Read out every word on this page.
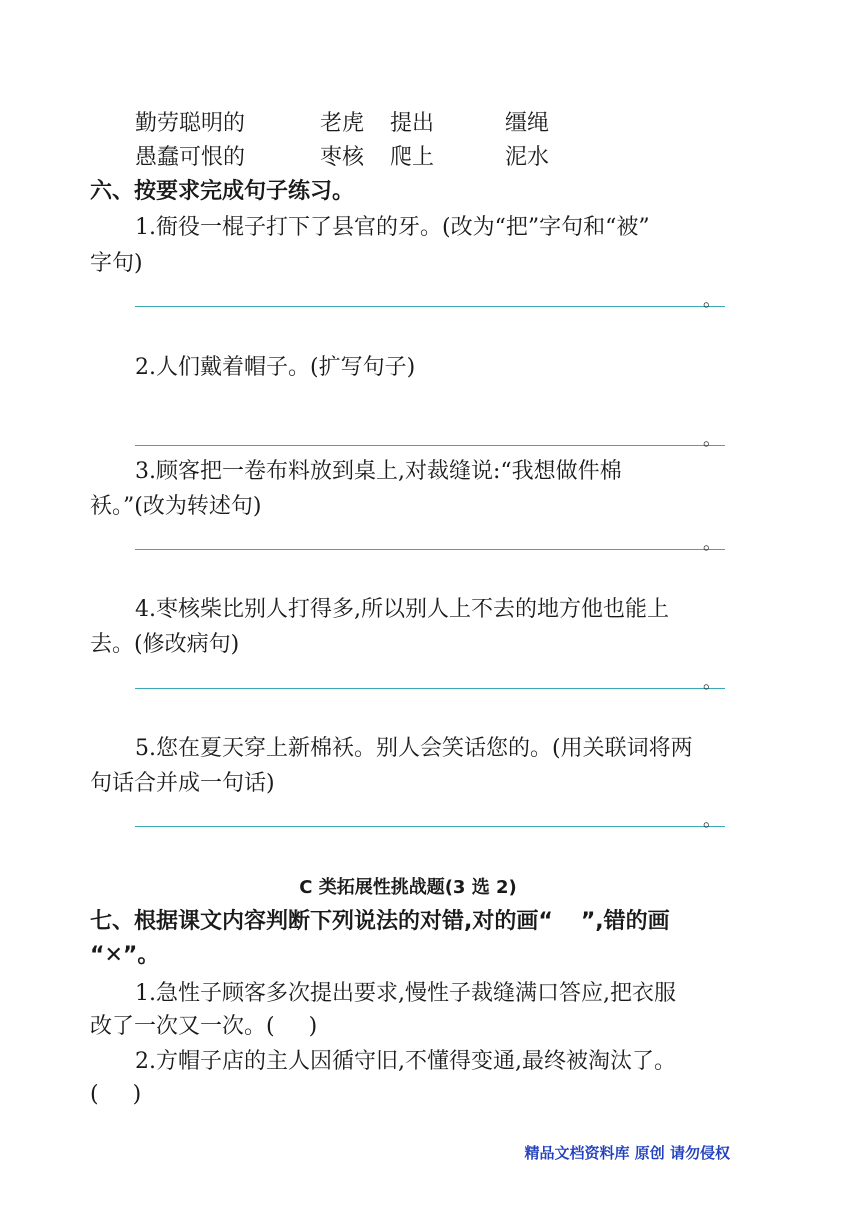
勤劳聪明的	老虎 提出	缰绳
愚蠢可恨的	枣核 爬上	泥水
六、按要求完成句子练习。
1.衙役一棍子打下了县官的牙。(改为“把”字句和“被”
字句)
。
2.人们戴着帽子。(扩写句子)
。
3.顾客把一卷布料放到桌上,对裁缝说:“我想做件棉
袄。”(改为转述句)
。
4.枣核柴比别人打得多,所以别人上不去的地方他也能上
去。(修改病句)
。
5.您在夏天穿上新棉袄。别人会笑话您的。(用关联词将两
句话合并成一句话)
。
C 类拓展性挑战题(3 选 2)
七、根据课文内容判断下列说法的对错,对的画“ ”,错的画
“✕”。
1.急性子顾客多次提出要求,慢性子裁缝满口答应,把衣服
改了一次又一次。( )
2.方帽子店的主人因循守旧,不懂得变通,最终被淘汰了。
( )
精品文档资料库 原创 请勿侵权
